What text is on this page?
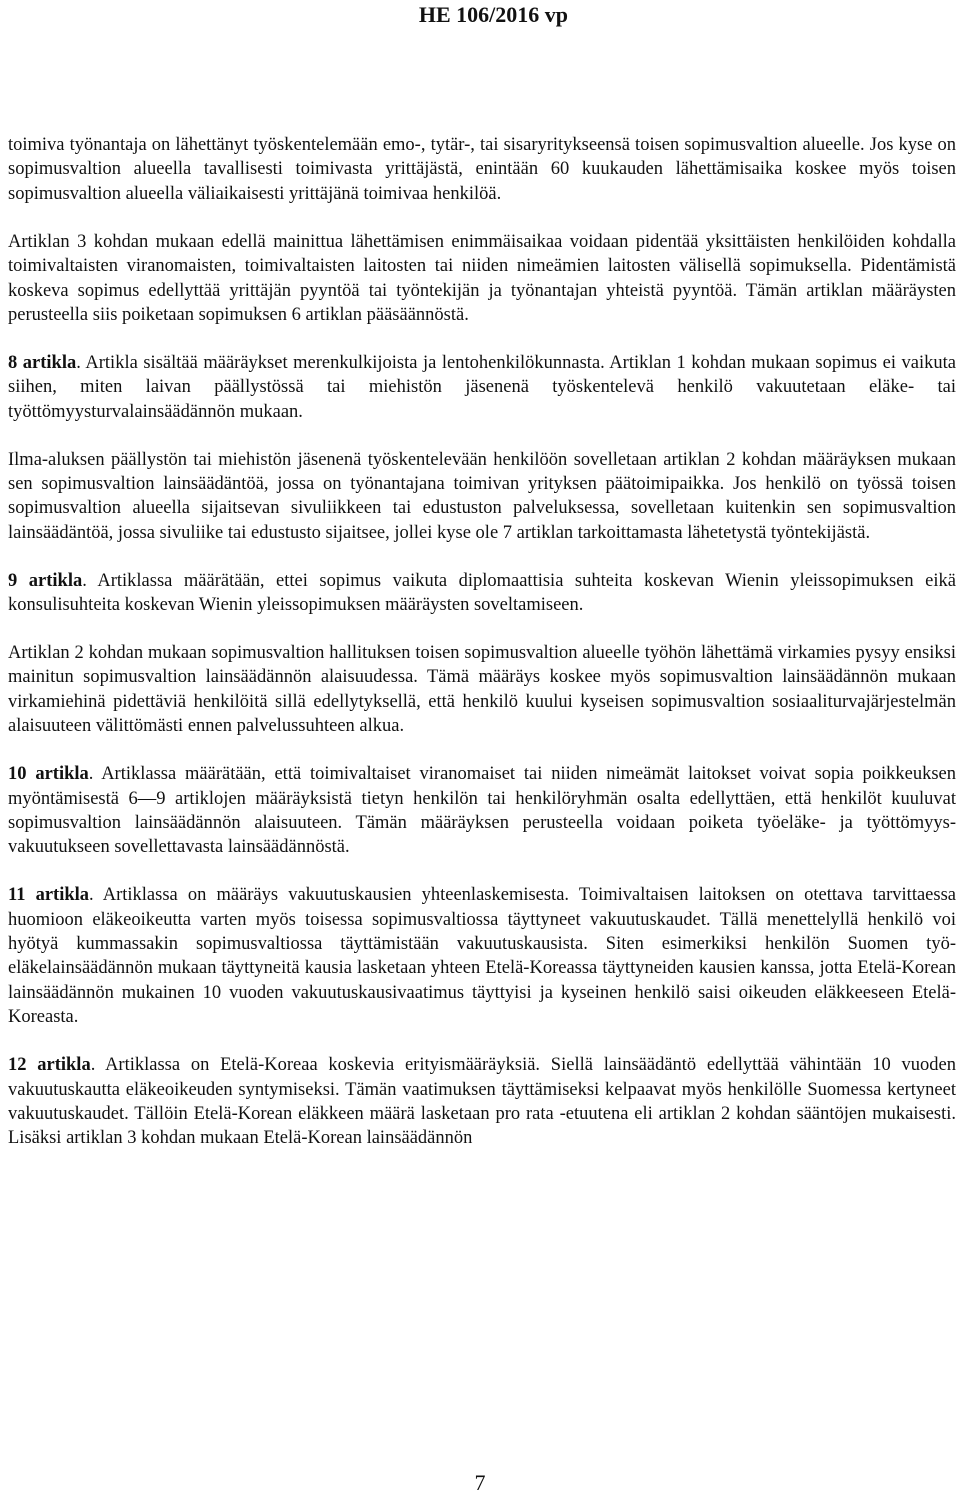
HE 106/2016 vp

toimiva työnantaja on lähettänyt työskentelemään emo-, tytär-, tai sisaryritykseensä toisen sopimusvaltion alueelle. Jos kyse on sopimusvaltion alueella tavallisesti toimivasta yrittäjästä, enintään 60 kuukauden lähettämisaika koskee myös toisen sopimusvaltion alueella väliaikaisesti yrittäjänä toimivaa henkilöä.

Artiklan 3 kohdan mukaan edellä mainittua lähettämisen enimmäisaikaa voidaan pidentää yksittäisten henkilöiden kohdalla toimivaltaisten viranomaisten, toimivaltaisten laitosten tai niiden nimeämien laitosten välisellä sopimuksella. Pidentämistä koskeva sopimus edellyttää yrittäjän pyyntöä tai työntekijän ja työnantajan yhteistä pyyntöä. Tämän artiklan määräysten perusteella siis poiketaan sopimuksen 6 artiklan pääsäännöstä.

8 artikla. Artikla sisältää määräykset merenkulkijoista ja lentohenkilökunnasta. Artiklan 1 kohdan mukaan sopimus ei vaikuta siihen, miten laivan päällystössä tai miehistön jäsenenä työskentelevä henkilö vakuutetaan eläke- tai työttömyysturvalainsäädännön mukaan.

Ilma-aluksen päällystön tai miehistön jäsenenä työskentelevään henkilöön sovelletaan artiklan 2 kohdan määräyksen mukaan sen sopimusvaltion lainsäädäntöä, jossa on työnantajana toimivan yrityksen päätoimipaikka. Jos henkilö on työssä toisen sopimusvaltion alueella sijaitsevan sivuliikkeen tai edustuston palveluksessa, sovelletaan kuitenkin sen sopimusvaltion lainsäädäntöä, jossa sivuliike tai edustusto sijaitsee, jollei kyse ole 7 artiklan tarkoittamasta lähetetystä työntekijästä.

9 artikla. Artiklassa määrätään, ettei sopimus vaikuta diplomaattisia suhteita koskevan Wienin yleissopimuksen eikä konsulisuhteita koskevan Wienin yleissopimuksen määräysten soveltamiseen.

Artiklan 2 kohdan mukaan sopimusvaltion hallituksen toisen sopimusvaltion alueelle työhön lähettämä virkamies pysyy ensiksi mainitun sopimusvaltion lainsäädännön alaisuudessa. Tämä määräys koskee myös sopimusvaltion lainsäädännön mukaan virkamiehinä pidettäviä henkilöitä sillä edellytyksellä, että henkilö kuului kyseisen sopimusvaltion sosiaaliturvajärjestelmän alaisuuteen välittömästi ennen palvelussuhteen alkua.

10 artikla. Artiklassa määrätään, että toimivaltaiset viranomaiset tai niiden nimeämät laitokset voivat sopia poikkeuksen myöntämisestä 6—9 artiklojen määräyksistä tietyn henkilön tai henkilöryhmän osalta edellyttäen, että henkilöt kuuluvat sopimusvaltion lainsäädännön alaisuuteen. Tämän määräyksen perusteella voidaan poiketa työeläke- ja työttömyysvakuutukseen sovellettavasta lainsäädännöstä.

11 artikla. Artiklassa on määräys vakuutuskausien yhteenlaskemisesta. Toimivaltaisen laitoksen on otettava tarvittaessa huomioon eläkeoikeutta varten myös toisessa sopimusvaltiossa täyttyneet vakuutuskaudet. Tällä menettelyllä henkilö voi hyötyä kummassakin sopimusvaltiossa täyttämistään vakuutuskausista. Siten esimerkiksi henkilön Suomen työeläkelainsäädännön mukaan täyttyneitä kausia lasketaan yhteen Etelä-Koreassa täyttyneiden kausien kanssa, jotta Etelä-Korean lainsäädännön mukainen 10 vuoden vakuutuskausivaatimus täyttyisi ja kyseinen henkilö saisi oikeuden eläkkeeseen Etelä-Koreasta.

12 artikla. Artiklassa on Etelä-Koreaa koskevia erityismääräyksiä. Siellä lainsäädäntö edellyttää vähintään 10 vuoden vakuutuskautta eläkeoikeuden syntymiseksi. Tämän vaatimuksen täyttämiseksi kelpaavat myös henkilölle Suomessa kertyneet vakuutuskaudet. Tällöin Etelä-Korean eläkkeen määrä lasketaan pro rata -etuutena eli artiklan 2 kohdan sääntöjen mukaisesti. Lisäksi artiklan 3 kohdan mukaan Etelä-Korean lainsäädännön

7
